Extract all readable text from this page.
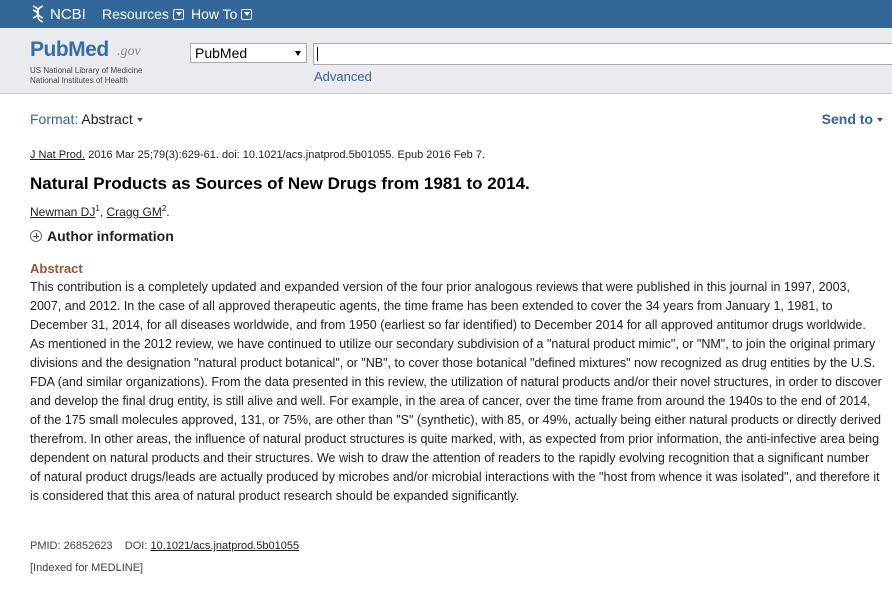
NCBI Resources How To
PubMed .gov
US National Library of Medicine
National Institutes of Health
PubMed
Advanced
Format: Abstract	Send to
J Nat Prod. 2016 Mar 25;79(3):629-61. doi: 10.1021/acs.jnatprod.5b01055. Epub 2016 Feb 7.
Natural Products as Sources of New Drugs from 1981 to 2014.
Newman $DJ^1$, Cragg $GM^2$.
Author information
Abstract
This contribution is a completely updated and expanded version of the four prior analogous reviews that were published in this journal in 1997, 2003, 2007, and 2012. In the case of all approved therapeutic agents, the time frame has been extended to cover the 34 years from January 1, 1981, to December 31, 2014, for all diseases worldwide, and from 1950 (earliest so far identified) to December 2014 for all approved antitumor drugs worldwide. As mentioned in the 2012 review, we have continued to utilize our secondary subdivision of a "natural product mimic", or "NM", to join the original primary divisions and the designation "natural product botanical", or "NB", to cover those botanical "defined mixtures" now recognized as drug entities by the U.S. FDA (and similar organizations). From the data presented in this review, the utilization of natural products and/or their novel structures, in order to discover and develop the final drug entity, is still alive and well. For example, in the area of cancer, over the time frame from around the 1940s to the end of 2014, of the 175 small molecules approved, 131, or 75%, are other than "S" (synthetic), with 85, or 49%, actually being either natural products or directly derived therefrom. In other areas, the influence of natural product structures is quite marked, with, as expected from prior information, the anti-infective area being dependent on natural products and their structures. We wish to draw the attention of readers to the rapidly evolving recognition that a significant number of natural product drugs/leads are actually produced by microbes and/or microbial interactions with the "host from whence it was isolated", and therefore it is considered that this area of natural product research should be expanded significantly.
PMID: 26852623 DOI: 10.1021/acs.jnatprod.5b01055
[Indexed for MEDLINE]
